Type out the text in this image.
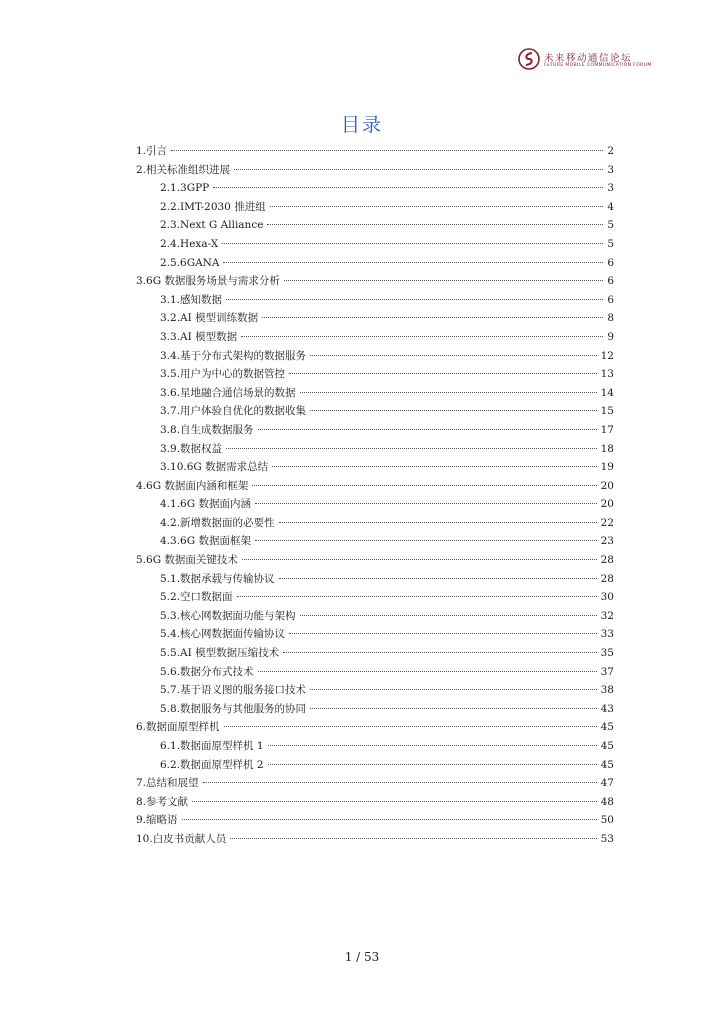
未来移动通信论坛
FuTURE MOBILE COMMUNICATION FORUM
目录
1.引言	2
2.相关标准组织进展	3
2.1.3GPP	3
2.2.IMT-2030 推进组	4
2.3.Next G Alliance	5
2.4.Hexa-X	5
2.5.6GANA	6
3.6G 数据服务场景与需求分析	6
3.1.感知数据	6
3.2.AI 模型训练数据	8
3.3.AI 模型数据	9
3.4.基于分布式架构的数据服务	12
3.5.用户为中心的数据管控	13
3.6.星地融合通信场景的数据	14
3.7.用户体验自优化的数据收集	15
3.8.自生成数据服务	17
3.9.数据权益	18
3.10.6G 数据需求总结	19
4.6G 数据面内涵和框架	20
4.1.6G 数据面内涵	20
4.2.新增数据面的必要性	22
4.3.6G 数据面框架	23
5.6G 数据面关键技术	28
5.1.数据承载与传输协议	28
5.2.空口数据面	30
5.3.核心网数据面功能与架构	32
5.4.核心网数据面传输协议	33
5.5.AI 模型数据压缩技术	35
5.6.数据分布式技术	37
5.7.基于语义图的服务接口技术	38
5.8.数据服务与其他服务的协同	43
6.数据面原型样机	45
6.1.数据面原型样机 1	45
6.2.数据面原型样机 2	45
7.总结和展望	47
8.参考文献	48
9.缩略语	50
10.白皮书贡献人员	53
1 / 53
